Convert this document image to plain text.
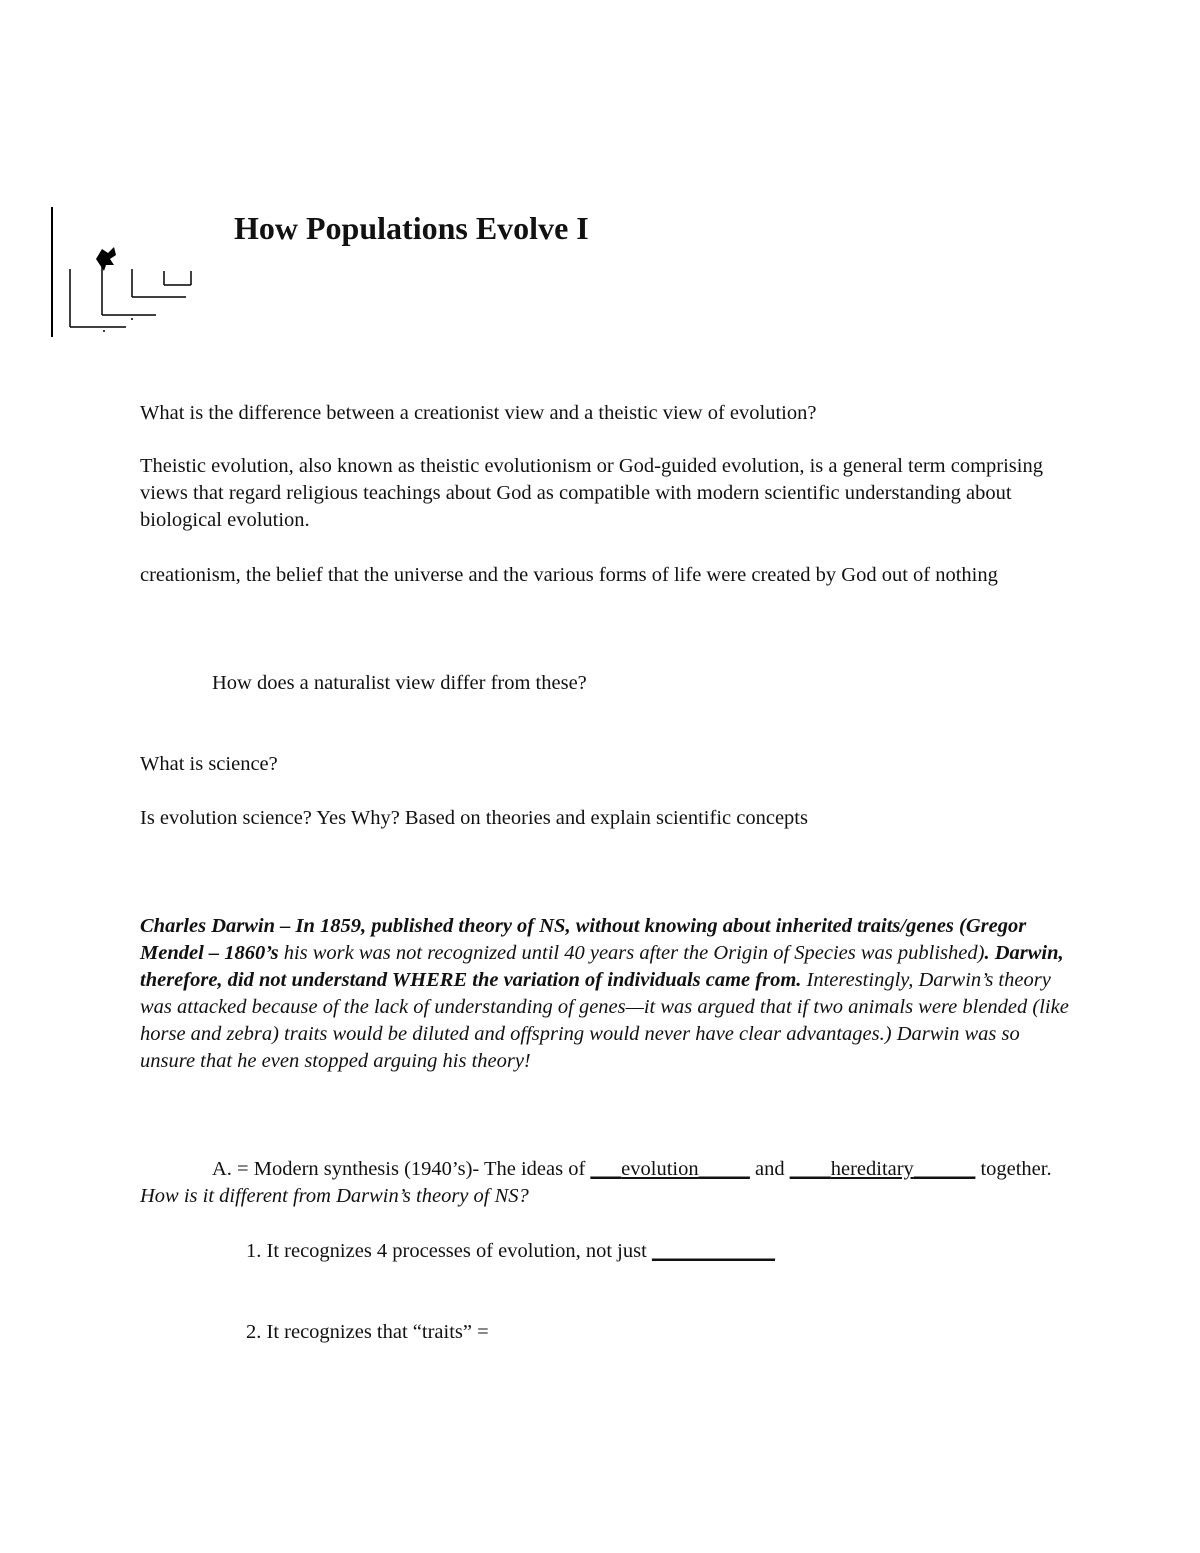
How Populations Evolve I

What is the difference between a creationist view and a theistic view of evolution?

Theistic evolution, also known as theistic evolutionism or God-guided evolution, is a general term comprising views that regard religious teachings about God as compatible with modern scientific understanding about biological evolution.

creationism, the belief that the universe and the various forms of life were created by God out of nothing

How does a naturalist view differ from these?

What is science?

Is evolution science? Yes Why? Based on theories and explain scientific concepts

Charles Darwin – In 1859, published theory of NS, without knowing about inherited traits/genes (Gregor Mendel – 1860’s his work was not recognized until 40 years after the Origin of Species was published). Darwin, therefore, did not understand WHERE the variation of individuals came from. Interestingly, Darwin’s theory was attacked because of the lack of understanding of genes—it was argued that if two animals were blended (like horse and zebra) traits would be diluted and offspring would never have clear advantages.) Darwin was so unsure that he even stopped arguing his theory!

A. = Modern synthesis (1940’s)- The ideas of ___evolution_____ and ____hereditary______ together. How is it different from Darwin’s theory of NS?

1. It recognizes 4 processes of evolution, not just ____________

2. It recognizes that “traits” =
